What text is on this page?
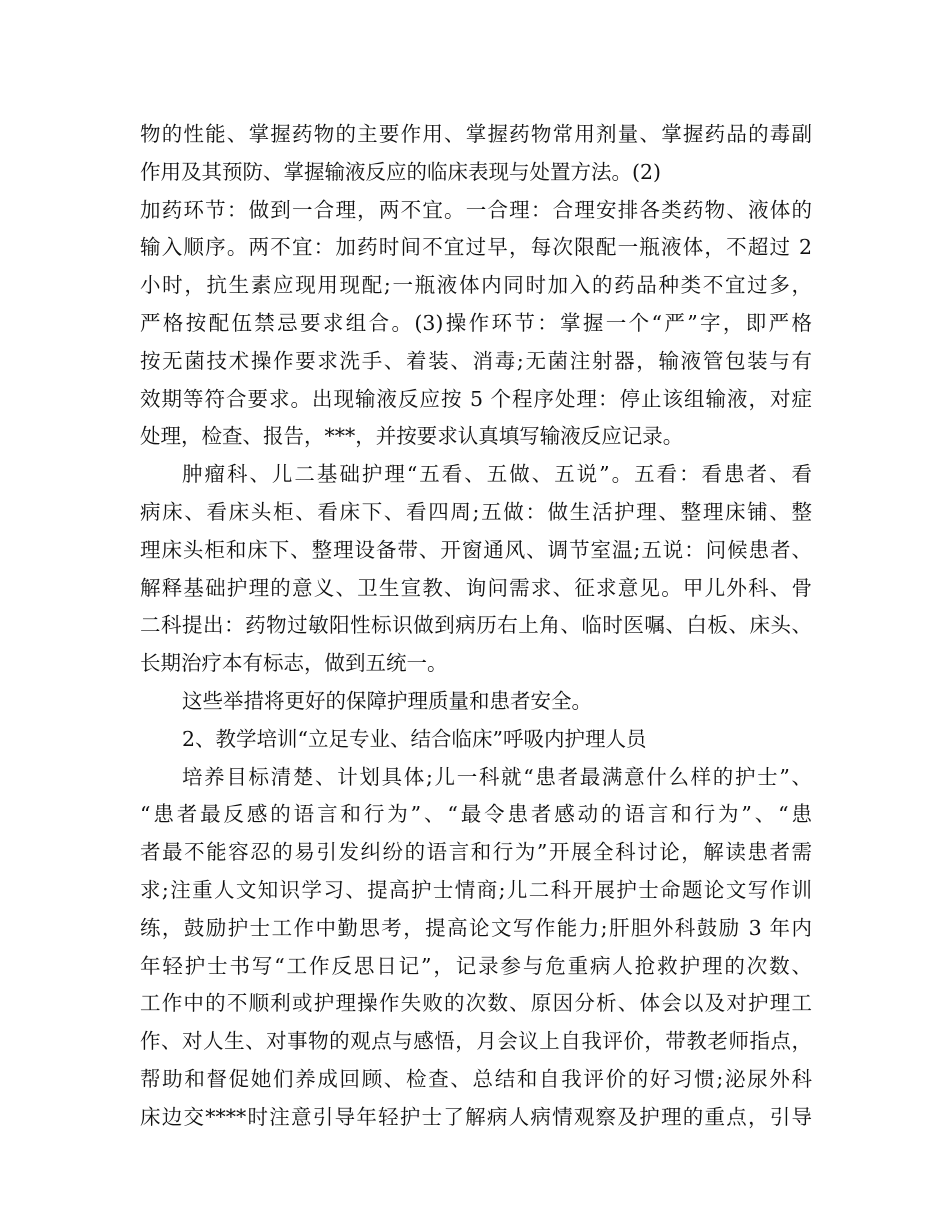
物的性能、掌握药物的主要作用、掌握药物常用剂量、掌握药品的毒副
作用及其预防、掌握输液反应的临床表现与处置方法。(2)
加药环节：做到一合理，两不宜。一合理：合理安排各类药物、液体的
输入顺序。两不宜：加药时间不宜过早，每次限配一瓶液体，不超过 2
小时，抗生素应现用现配;一瓶液体内同时加入的药品种类不宜过多，
严格按配伍禁忌要求组合。(3)操作环节：掌握一个“严”字，即严格
按无菌技术操作要求洗手、着装、消毒;无菌注射器，输液管包装与有
效期等符合要求。出现输液反应按 5 个程序处理：停止该组输液，对症
处理，检查、报告，***，并按要求认真填写输液反应记录。
肿瘤科、儿二基础护理“五看、五做、五说”。五看：看患者、看
病床、看床头柜、看床下、看四周;五做：做生活护理、整理床铺、整
理床头柜和床下、整理设备带、开窗通风、调节室温;五说：问候患者、
解释基础护理的意义、卫生宣教、询问需求、征求意见。甲儿外科、骨
二科提出：药物过敏阳性标识做到病历右上角、临时医嘱、白板、床头、
长期治疗本有标志，做到五统一。
这些举措将更好的保障护理质量和患者安全。
2、教学培训“立足专业、结合临床”呼吸内护理人员
培养目标清楚、计划具体;儿一科就“患者最满意什么样的护士”、
“患者最反感的语言和行为”、“最令患者感动的语言和行为”、“患
者最不能容忍的易引发纠纷的语言和行为”开展全科讨论，解读患者需
求;注重人文知识学习、提高护士情商;儿二科开展护士命题论文写作训
练，鼓励护士工作中勤思考，提高论文写作能力;肝胆外科鼓励 3 年内
年轻护士书写“工作反思日记”，记录参与危重病人抢救护理的次数、
工作中的不顺利或护理操作失败的次数、原因分析、体会以及对护理工
作、对人生、对事物的观点与感悟，月会议上自我评价，带教老师指点，
帮助和督促她们养成回顾、检查、总结和自我评价的好习惯;泌尿外科
床边交****时注意引导年轻护士了解病人病情观察及护理的重点，引导
